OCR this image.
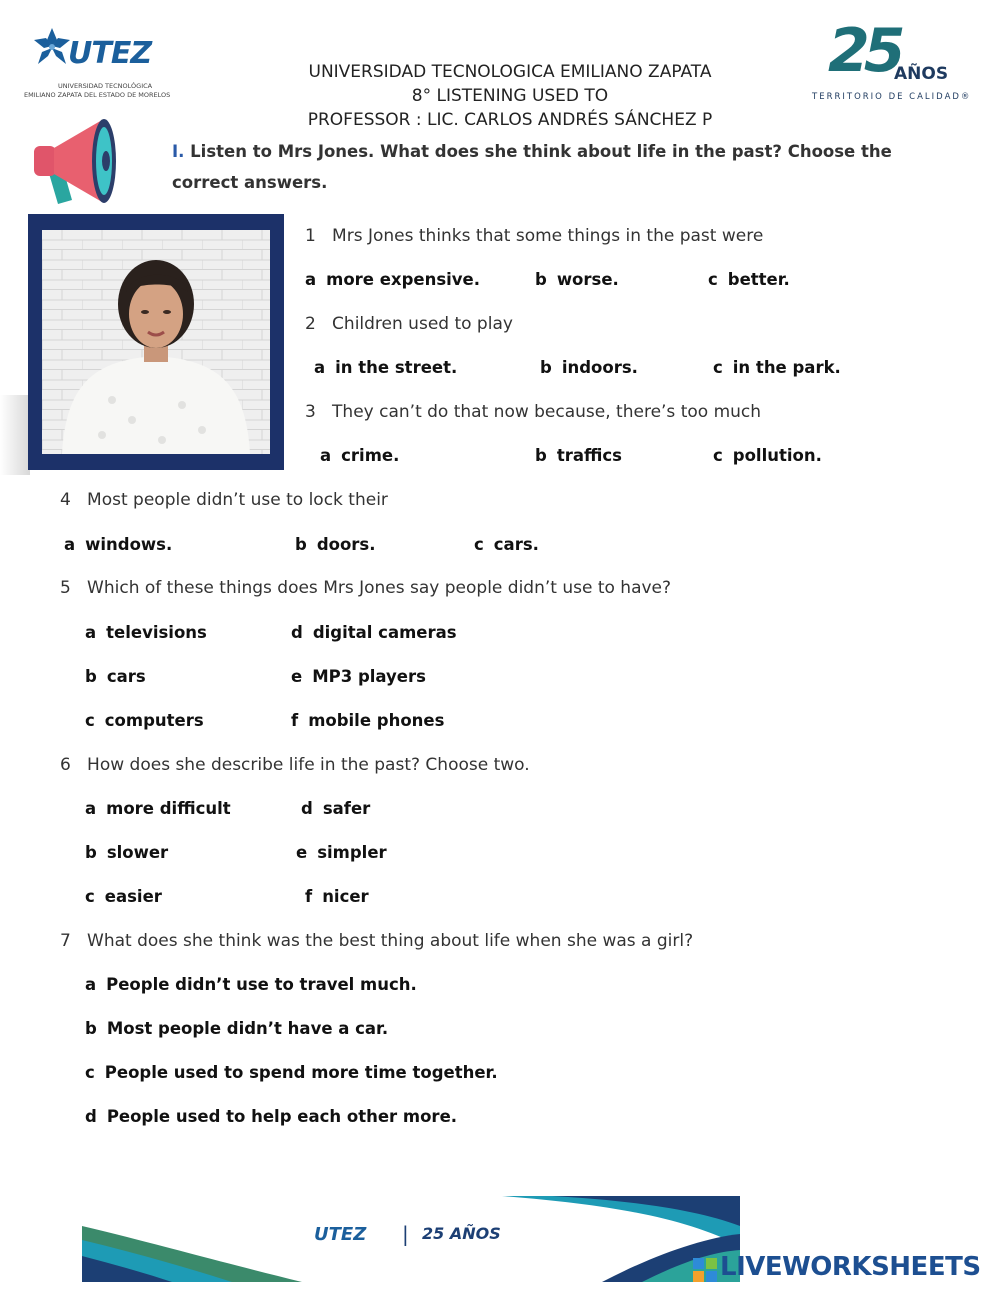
UTEZ
UNIVERSIDAD TECNOLÓGICA
EMILIANO ZAPATA DEL ESTADO DE MORELOS
UNIVERSIDAD TECNOLOGICA EMILIANO ZAPATA
8° LISTENING USED TO
PROFESSOR : LIC. CARLOS ANDRÉS SÁNCHEZ P
25
AÑOS
TERRITORIO DE CALIDAD®
I. Listen to Mrs Jones. What does she think about life in the past? Choose the correct answers.
1 Mrs Jones thinks that some things in the past were
a more expensive.	b worse.	c better.
2 Children used to play
a in the street.	b indoors.	c in the park.
3 They can’t do that now because, there’s too much
a crime.	b traffics	c pollution.
4 Most people didn’t use to lock their
a windows.	b doors.	c cars.
5 Which of these things does Mrs Jones say people didn’t use to have?
a televisions	d digital cameras
b cars	e MP3 players
c computers	f mobile phones
6 How does she describe life in the past? Choose two.
a more difficult	d safer
b slower	e simpler
c easier	f nicer
7 What does she think was the best thing about life when she was a girl?
a People didn’t use to travel much.
b Most people didn’t have a car.
c People used to spend more time together.
d People used to help each other more.
UTEZ | 25 AÑOS
LIVEWORKSHEETS
